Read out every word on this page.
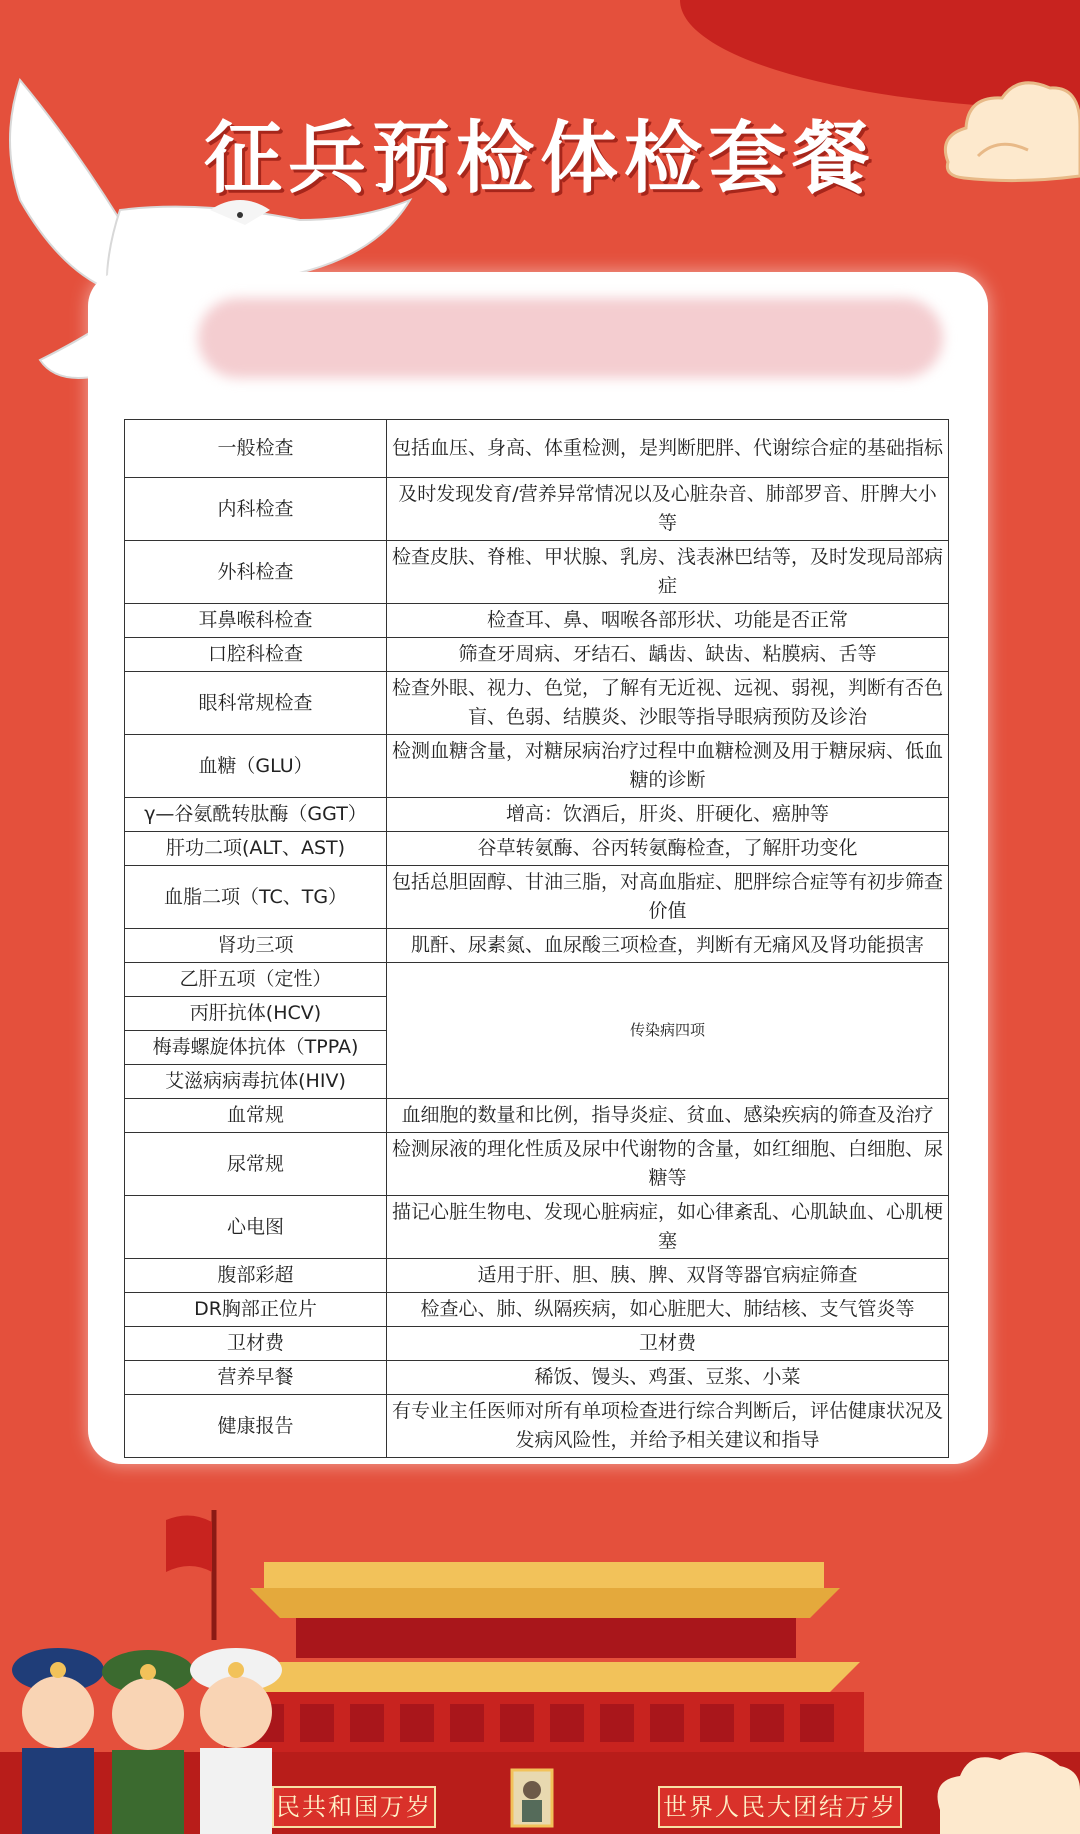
征兵预检体检套餐
一般检查	包括血压、身高、体重检测，是判断肥胖、代谢综合症的基础指标
内科检查	及时发现发育/营养异常情况以及心脏杂音、肺部罗音、肝脾大小等
外科检查	检查皮肤、脊椎、甲状腺、乳房、浅表淋巴结等，及时发现局部病症
耳鼻喉科检查	检查耳、鼻、咽喉各部形状、功能是否正常
口腔科检查	筛查牙周病、牙结石、龋齿、缺齿、粘膜病、舌等
眼科常规检查	检查外眼、视力、色觉，了解有无近视、远视、弱视，判断有否色盲、色弱、结膜炎、沙眼等指导眼病预防及诊治
血糖（GLU）	检测血糖含量，对糖尿病治疗过程中血糖检测及用于糖尿病、低血糖的诊断
γ—谷氨酰转肽酶（GGT）	增高：饮酒后，肝炎、肝硬化、癌肿等
肝功二项(ALT、AST)	谷草转氨酶、谷丙转氨酶检查，了解肝功变化
血脂二项（TC、TG）	包括总胆固醇、甘油三脂，对高血脂症、肥胖综合症等有初步筛查价值
肾功三项	肌酐、尿素氮、血尿酸三项检查，判断有无痛风及肾功能损害
乙肝五项（定性）	传染病四项
丙肝抗体(HCV)	
梅毒螺旋体抗体（TPPA)	
艾滋病病毒抗体(HIV)	
血常规	血细胞的数量和比例，指导炎症、贫血、感染疾病的筛查及治疗
尿常规	检测尿液的理化性质及尿中代谢物的含量，如红细胞、白细胞、尿糖等
心电图	描记心脏生物电、发现心脏病症，如心律紊乱、心肌缺血、心肌梗塞
腹部彩超	适用于肝、胆、胰、脾、双肾等器官病症筛查
DR胸部正位片	检查心、肺、纵隔疾病，如心脏肥大、肺结核、支气管炎等
卫材费	卫材费
营养早餐	稀饭、馒头、鸡蛋、豆浆、小菜
健康报告	有专业主任医师对所有单项检查进行综合判断后，评估健康状况及发病风险性，并给予相关建议和指导
民共和国万岁	世界人民大团结万岁
